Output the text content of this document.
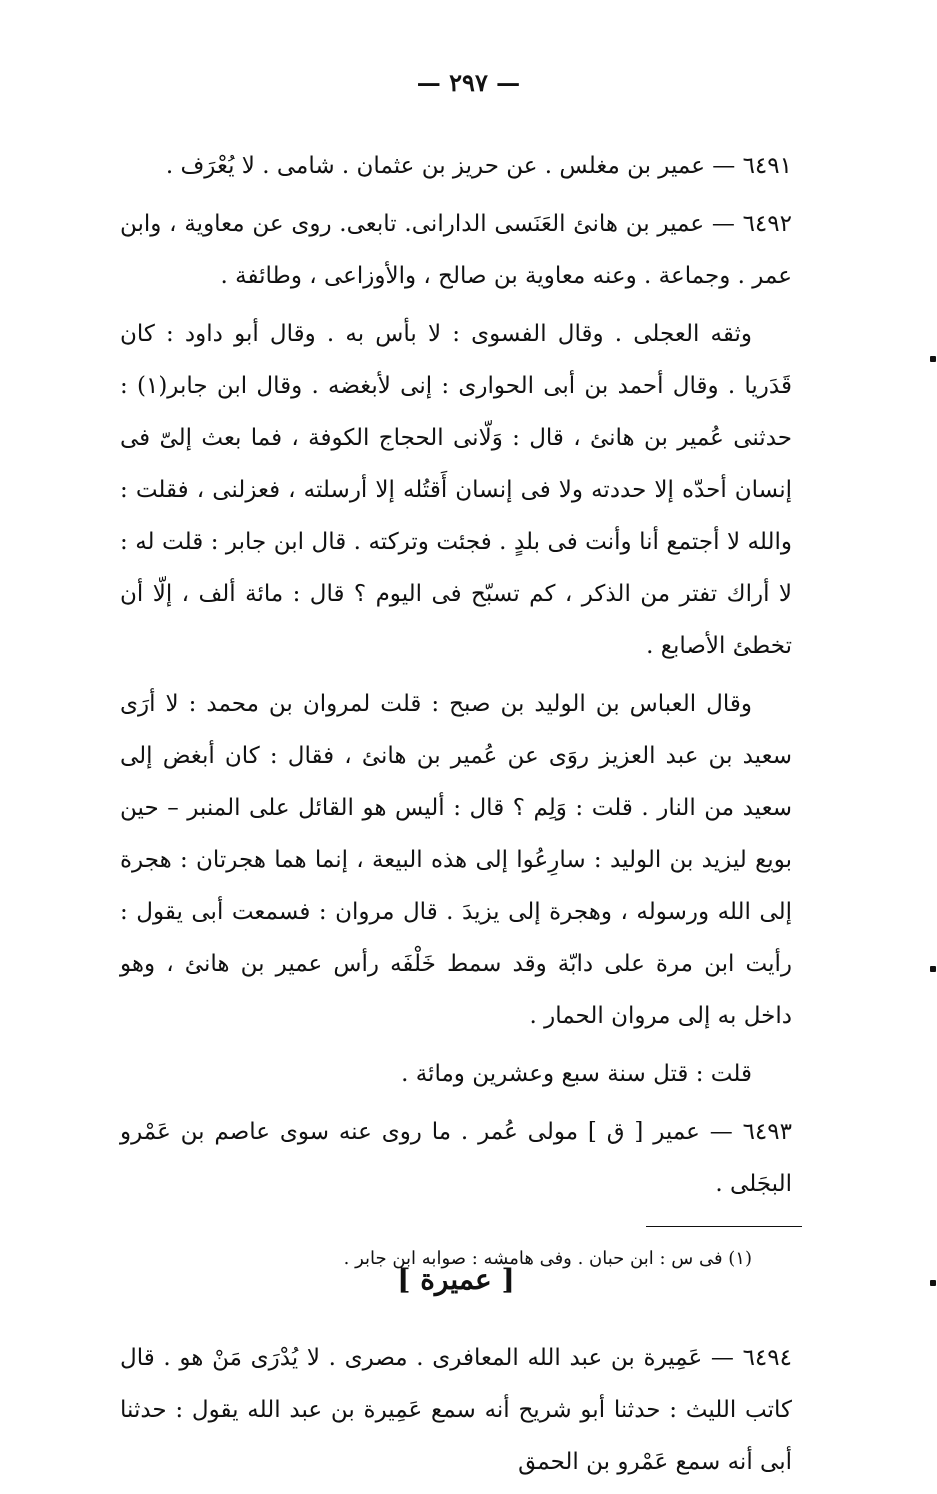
— ٢٩٧ —

٦٤٩١ — عمير بن مغلس . عن حريز بن عثمان . شامى . لا يُعْرَف .

٦٤٩٢ — عمير بن هانئ العَنَسى الدارانى. تابعى. روى عن معاوية ، وابن عمر . وجماعة . وعنه معاوية بن صالح ، والأوزاعى ، وطائفة .

وثقه العجلى . وقال الفسوى : لا بأس به . وقال أبو داود : كان قَدَريا . وقال أحمد بن أبى الحوارى : إنى لأبغضه . وقال ابن جابر(١) : حدثنى عُمير بن هانئ ، قال : وَلّانى الحجاج الكوفة ، فما بعث إلىّ فى إنسان أحدّه إلا حددته ولا فى إنسان أَقتُله إلا أرسلته ، فعزلنى ، فقلت : والله لا أجتمع أنا وأنت فى بلدٍ . فجئت وتركته . قال ابن جابر : قلت له : لا أراك تفتر من الذكر ، كم تسبّح فى اليوم ؟ قال : مائة ألف ، إلّا أن تخطئ الأصابع .

وقال العباس بن الوليد بن صبح : قلت لمروان بن محمد : لا أرَى سعيد بن عبد العزيز روَى عن عُمير بن هانئ ، فقال : كان أبغض إلى سعيد من النار . قلت : وَلِم ؟ قال : أليس هو القائل على المنبر – حين بويع ليزيد بن الوليد : سارِعُوا إلى هذه البيعة ، إنما هما هجرتان : هجرة إلى الله ورسوله ، وهجرة إلى يزيدَ . قال مروان : فسمعت أبى يقول : رأيت ابن مرة على دابّة وقد سمط خَلْفَه رأس عمير بن هانئ ، وهو داخل به إلى مروان الحمار .

قلت : قتل سنة سبع وعشرين ومائة .

٦٤٩٣ — عمير [ ق ] مولى عُمر . ما روى عنه سوى عاصم بن عَمْرو البجَلى .

[ عميرة ]

٦٤٩٤ — عَمِيرة بن عبد الله المعافرى . مصرى . لا يُدْرَى مَنْ هو . قال كاتب الليث : حدثنا أبو شريح أنه سمع عَمِيرة بن عبد الله يقول : حدثنا أبى أنه سمع عَمْرو بن الحمق

(١) فى س : ابن حبان . وفى هامشه : صوابه ابن جابر .
